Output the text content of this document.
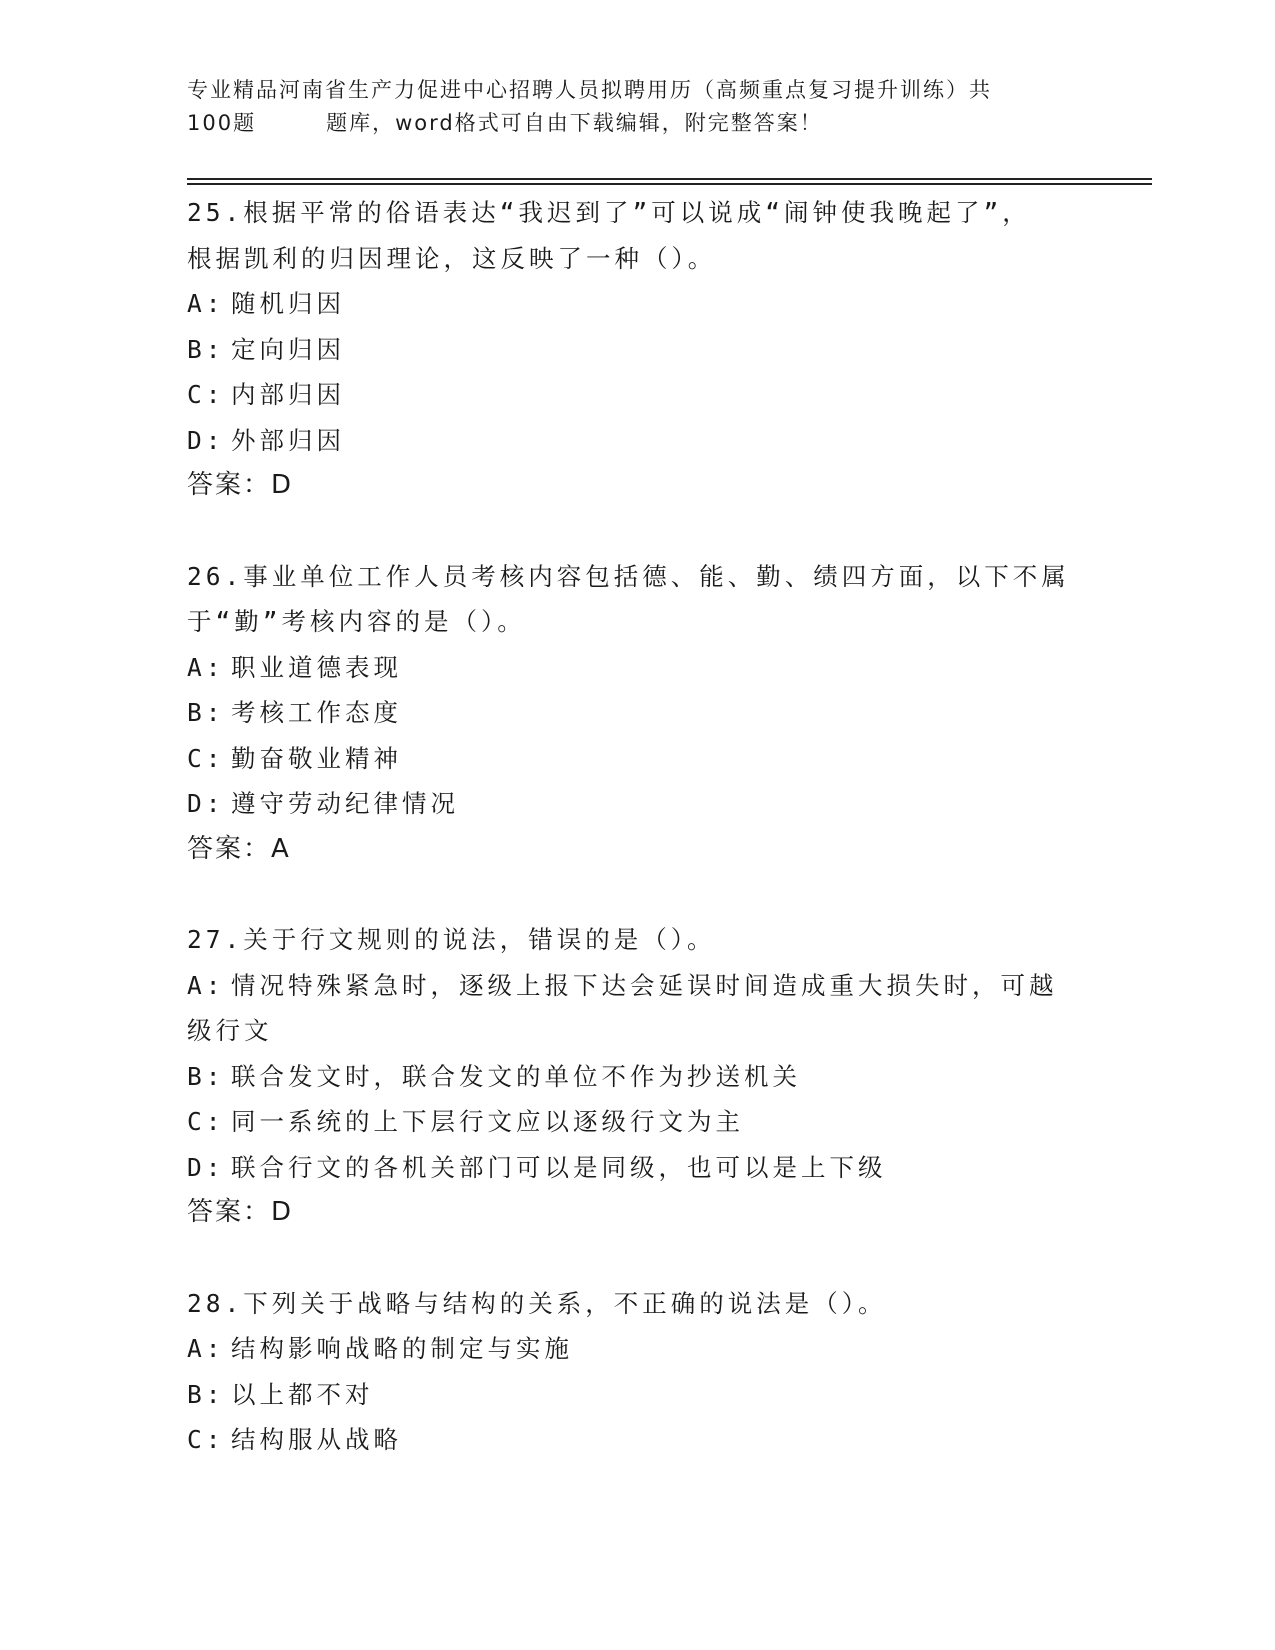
专业精品河南省生产力促进中心招聘人员拟聘用历（高频重点复习提升训练）共
100题	题库，word格式可自由下载编辑，附完整答案！
25.根据平常的俗语表达“我迟到了”可以说成“闹钟使我晚起了”，
根据凯利的归因理论，这反映了一种（）。
A: 随机归因
B: 定向归因
C: 内部归因
D: 外部归因
答案：D
26.事业单位工作人员考核内容包括德、能、勤、绩四方面，以下不属
于“勤”考核内容的是（）。
A: 职业道德表现
B: 考核工作态度
C: 勤奋敬业精神
D: 遵守劳动纪律情况
答案：A
27.关于行文规则的说法，错误的是（）。
A: 情况特殊紧急时，逐级上报下达会延误时间造成重大损失时，可越
级行文
B: 联合发文时，联合发文的单位不作为抄送机关
C: 同一系统的上下层行文应以逐级行文为主
D: 联合行文的各机关部门可以是同级，也可以是上下级
答案：D
28.下列关于战略与结构的关系，不正确的说法是（）。
A: 结构影响战略的制定与实施
B: 以上都不对
C: 结构服从战略
